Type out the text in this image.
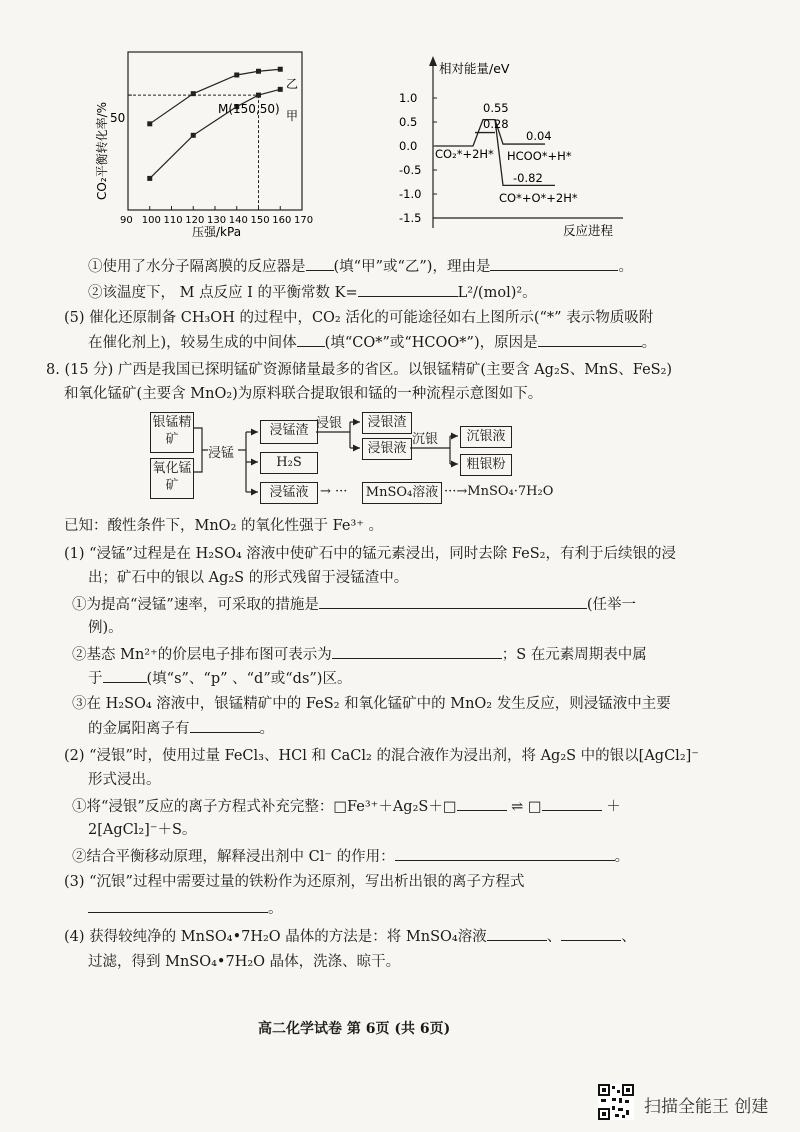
90 100 110 120 130 140 150 160 170
50
M(150,50)
乙
甲
压强/kPa
CO₂平衡转化率/%
相对能量/eV
反应进程
1.0
0.5
0.0
-0.5
-1.0
-1.5
CO₂*+2H*
0.55
0.28
0.04
HCOO*+H*
-0.82
CO*+O*+2H*
①使用了水分子隔离膜的反应器是 (填“甲”或“乙”)，理由是	。
②该温度下， M 点反应 I 的平衡常数 K=	L²/(mol)²。
(5) 催化还原制备 CH₃OH 的过程中，CO₂ 活化的可能途径如右上图所示(“*” 表示物质吸附
在催化剂上)，较易生成的中间体 (填“CO*”或“HCOO*”)，原因是	。
8. (15 分) 广西是我国已探明锰矿资源储量最多的省区。以银锰精矿(主要含 Ag₂S、MnS、FeS₂)
和氧化锰矿(主要含 MnO₂)为原料联合提取银和锰的一种流程示意图如下。
银锰精矿
氧化锰矿
浸锰
浸锰渣
H₂S
浸锰液
浸银	浸银渣
浸银液
沉银	沉银液
粗银粉
→ ··· MnSO₄溶液 ···→MnSO₄·7H₂O
已知：酸性条件下，MnO₂ 的氧化性强于 Fe³⁺ 。
(1) “浸锰”过程是在 H₂SO₄ 溶液中使矿石中的锰元素浸出，同时去除 FeS₂，有利于后续银的浸
出；矿石中的银以 Ag₂S 的形式残留于浸锰渣中。
①为提高“浸锰”速率，可采取的措施是	(任举一
例)。
②基态 Mn²⁺的价层电子排布图可表示为	；S 在元素周期表中属
于	(填“s”、“p” 、“d”或“ds”)区。
③在 H₂SO₄ 溶液中，银锰精矿中的 FeS₂ 和氧化锰矿中的 MnO₂ 发生反应，则浸锰液中主要
的金属阳离子有	。
(2) “浸银”时，使用过量 FeCl₃、HCl 和 CaCl₂ 的混合液作为浸出剂，将 Ag₂S 中的银以[AgCl₂]⁻
形式浸出。
①将“浸银”反应的离子方程式补充完整：□Fe³⁺＋Ag₂S＋□	⇌ □	＋
2[AgCl₂]⁻＋S。
②结合平衡移动原理，解释浸出剂中 Cl⁻ 的作用：	。
(3) “沉银”过程中需要过量的铁粉作为还原剂，写出析出银的离子方程式
。
(4) 获得较纯净的 MnSO₄•7H₂O 晶体的方法是：将 MnSO₄溶液	、	、
过滤，得到 MnSO₄•7H₂O 晶体，洗涤、晾干。
高二化学试卷 第 6页 (共 6页)
扫描全能王 创建
